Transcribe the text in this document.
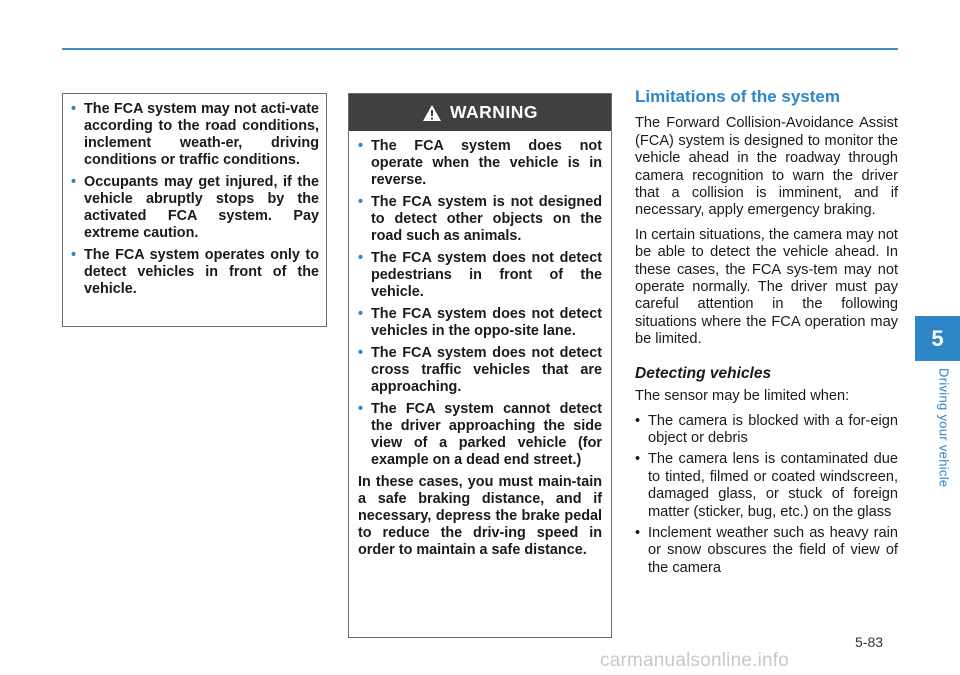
• The FCA system may not acti-vate according to the road conditions, inclement weath-er, driving conditions or traffic conditions.
• Occupants may get injured, if the vehicle abruptly stops by the activated FCA system. Pay extreme caution.
• The FCA system operates only to detect vehicles in front of the vehicle.
WARNING
• The FCA system does not operate when the vehicle is in reverse.
• The FCA system is not designed to detect other objects on the road such as animals.
• The FCA system does not detect pedestrians in front of the vehicle.
• The FCA system does not detect vehicles in the oppo-site lane.
• The FCA system does not detect cross traffic vehicles that are approaching.
• The FCA system cannot detect the driver approaching the side view of a parked vehicle (for example on a dead end street.)

In these cases, you must main-tain a safe braking distance, and if necessary, depress the brake pedal to reduce the driv-ing speed in order to maintain a safe distance.

Limitations of the system

The Forward Collision-Avoidance Assist (FCA) system is designed to monitor the vehicle ahead in the roadway through camera recognition to warn the driver that a collision is imminent, and if necessary, apply emergency braking.

In certain situations, the camera may not be able to detect the vehicle ahead. In these cases, the FCA sys-tem may not operate normally. The driver must pay careful attention in the following situations where the FCA operation may be limited.

Detecting vehicles

The sensor may be limited when:

• The camera is blocked with a for-eign object or debris
• The camera lens is contaminated due to tinted, filmed or coated windscreen, damaged glass, or stuck of foreign matter (sticker, bug, etc.) on the glass
• Inclement weather such as heavy rain or snow obscures the field of view of the camera
5
Driving your vehicle
5-83
carmanualsonline.info
